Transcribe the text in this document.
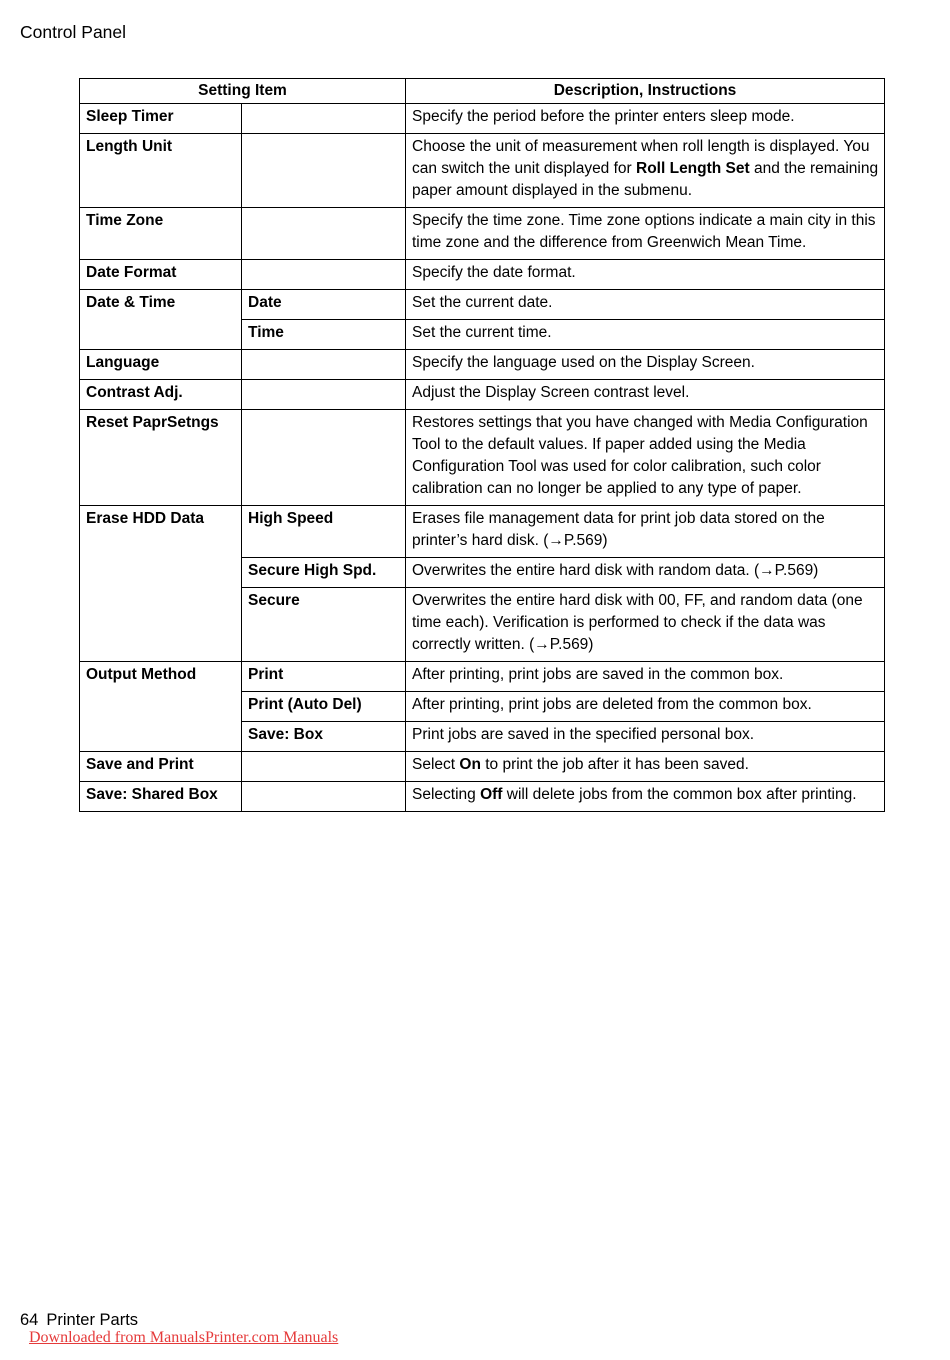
Control Panel
Setting Item		Description, Instructions
Sleep Timer		Specify the period before the printer enters sleep mode.
Length Unit		Choose the unit of measurement when roll length is displayed. You can switch the unit displayed for Roll Length Set and the remaining paper amount displayed in the submenu.
Time Zone		Specify the time zone. Time zone options indicate a main city in this time zone and the difference from Greenwich Mean Time.
Date Format		Specify the date format.
Date & Time	Date	Set the current date.
	Time	Set the current time.
Language		Specify the language used on the Display Screen.
Contrast Adj.		Adjust the Display Screen contrast level.
Reset PaprSetngs		Restores settings that you have changed with Media Configuration Tool to the default values. If paper added using the Media Configuration Tool was used for color calibration, such color calibration can no longer be applied to any type of paper.
Erase HDD Data	High Speed	Erases file management data for print job data stored on the printer’s hard disk. (→P.569)
	Secure High Spd.	Overwrites the entire hard disk with random data. (→P.569)
	Secure	Overwrites the entire hard disk with 00, FF, and random data (one time each). Verification is performed to check if the data was correctly written. (→P.569)
Output Method	Print	After printing, print jobs are saved in the common box.
	Print (Auto Del)	After printing, print jobs are deleted from the common box.
	Save: Box	Print jobs are saved in the specified personal box.
Save and Print		Select On to print the job after it has been saved.
Save: Shared Box		Selecting Off will delete jobs from the common box after printing.
64 Printer Parts
Downloaded from ManualsPrinter.com Manuals
